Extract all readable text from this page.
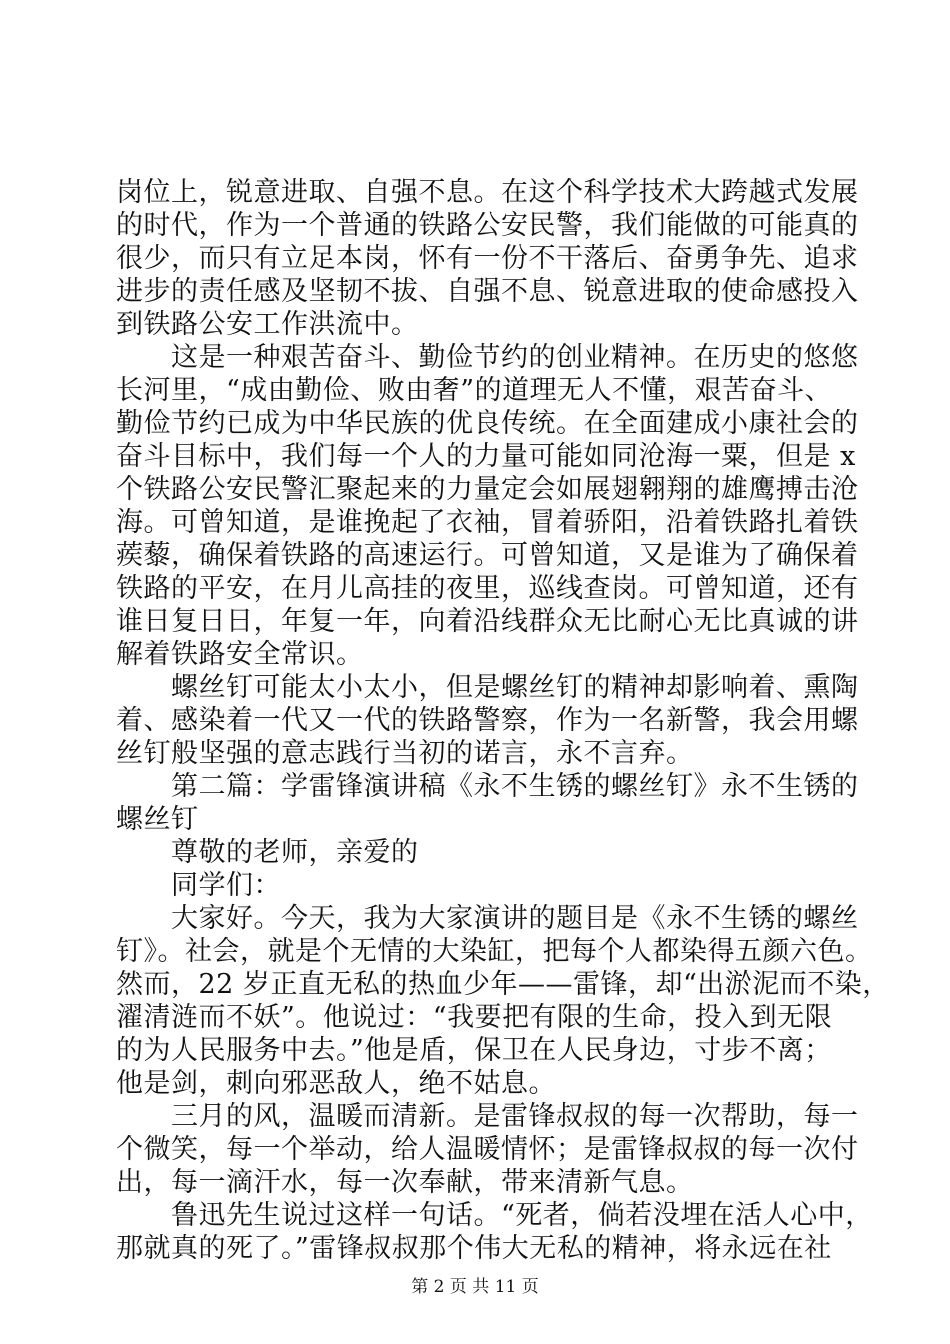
岗位上，锐意进取、自强不息。在这个科学技术大跨越式发展
的时代，作为一个普通的铁路公安民警，我们能做的可能真的
很少，而只有立足本岗，怀有一份不干落后、奋勇争先、追求
进步的责任感及坚韧不拔、自强不息、锐意进取的使命感投入
到铁路公安工作洪流中。
　　这是一种艰苦奋斗、勤俭节约的创业精神。在历史的悠悠
长河里，“成由勤俭、败由奢”的道理无人不懂，艰苦奋斗、
勤俭节约已成为中华民族的优良传统。在全面建成小康社会的
奋斗目标中，我们每一个人的力量可能如同沧海一粟，但是 x
个铁路公安民警汇聚起来的力量定会如展翅翱翔的雄鹰搏击沧
海。可曾知道，是谁挽起了衣袖，冒着骄阳，沿着铁路扎着铁
蒺藜，确保着铁路的高速运行。可曾知道，又是谁为了确保着
铁路的平安，在月儿高挂的夜里，巡线查岗。可曾知道，还有
谁日复日日，年复一年，向着沿线群众无比耐心无比真诚的讲
解着铁路安全常识。
　　螺丝钉可能太小太小，但是螺丝钉的精神却影响着、熏陶
着、感染着一代又一代的铁路警察，作为一名新警，我会用螺
丝钉般坚强的意志践行当初的诺言，永不言弃。
　　第二篇：学雷锋演讲稿《永不生锈的螺丝钉》永不生锈的
螺丝钉
　　尊敬的老师，亲爱的
　　同学们：
　　大家好。今天，我为大家演讲的题目是《永不生锈的螺丝
钉》。社会，就是个无情的大染缸，把每个人都染得五颜六色。
然而，22 岁正直无私的热血少年——雷锋，却“出淤泥而不染，
濯清涟而不妖”。他说过：“我要把有限的生命，投入到无限
的为人民服务中去。”他是盾，保卫在人民身边，寸步不离；
他是剑，刺向邪恶敌人，绝不姑息。
　　三月的风，温暖而清新。是雷锋叔叔的每一次帮助，每一
个微笑，每一个举动，给人温暖情怀；是雷锋叔叔的每一次付
出，每一滴汗水，每一次奉献，带来清新气息。
　　鲁迅先生说过这样一句话。“死者，倘若没埋在活人心中，
那就真的死了。”雷锋叔叔那个伟大无私的精神，将永远在社
第 2 页 共 11 页
